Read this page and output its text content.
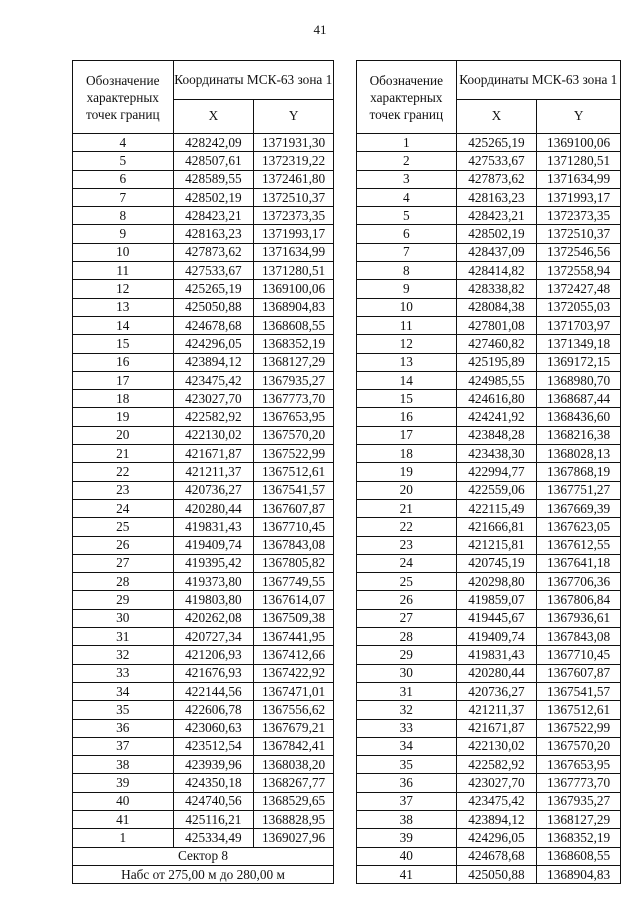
41
Обозначение характерных точек границ	Координаты МСК-63 зона 1	
	X	Y
4	428242,09	1371931,30
5	428507,61	1372319,22
6	428589,55	1372461,80
7	428502,19	1372510,37
8	428423,21	1372373,35
9	428163,23	1371993,17
10	427873,62	1371634,99
11	427533,67	1371280,51
12	425265,19	1369100,06
13	425050,88	1368904,83
14	424678,68	1368608,55
15	424296,05	1368352,19
16	423894,12	1368127,29
17	423475,42	1367935,27
18	423027,70	1367773,70
19	422582,92	1367653,95
20	422130,02	1367570,20
21	421671,87	1367522,99
22	421211,37	1367512,61
23	420736,27	1367541,57
24	420280,44	1367607,87
25	419831,43	1367710,45
26	419409,74	1367843,08
27	419395,42	1367805,82
28	419373,80	1367749,55
29	419803,80	1367614,07
30	420262,08	1367509,38
31	420727,34	1367441,95
32	421206,93	1367412,66
33	421676,93	1367422,92
34	422144,56	1367471,01
35	422606,78	1367556,62
36	423060,63	1367679,21
37	423512,54	1367842,41
38	423939,96	1368038,20
39	424350,18	1368267,77
40	424740,56	1368529,65
41	425116,21	1368828,95
1	425334,49	1369027,96
Сектор 8		
Набс от 275,00 м до 280,00 м		
Обозначение характерных точек границ	Координаты МСК-63 зона 1	
	X	Y
1	425265,19	1369100,06
2	427533,67	1371280,51
3	427873,62	1371634,99
4	428163,23	1371993,17
5	428423,21	1372373,35
6	428502,19	1372510,37
7	428437,09	1372546,56
8	428414,82	1372558,94
9	428338,82	1372427,48
10	428084,38	1372055,03
11	427801,08	1371703,97
12	427460,82	1371349,18
13	425195,89	1369172,15
14	424985,55	1368980,70
15	424616,80	1368687,44
16	424241,92	1368436,60
17	423848,28	1368216,38
18	423438,30	1368028,13
19	422994,77	1367868,19
20	422559,06	1367751,27
21	422115,49	1367669,39
22	421666,81	1367623,05
23	421215,81	1367612,55
24	420745,19	1367641,18
25	420298,80	1367706,36
26	419859,07	1367806,84
27	419445,67	1367936,61
28	419409,74	1367843,08
29	419831,43	1367710,45
30	420280,44	1367607,87
31	420736,27	1367541,57
32	421211,37	1367512,61
33	421671,87	1367522,99
34	422130,02	1367570,20
35	422582,92	1367653,95
36	423027,70	1367773,70
37	423475,42	1367935,27
38	423894,12	1368127,29
39	424296,05	1368352,19
40	424678,68	1368608,55
41	425050,88	1368904,83
